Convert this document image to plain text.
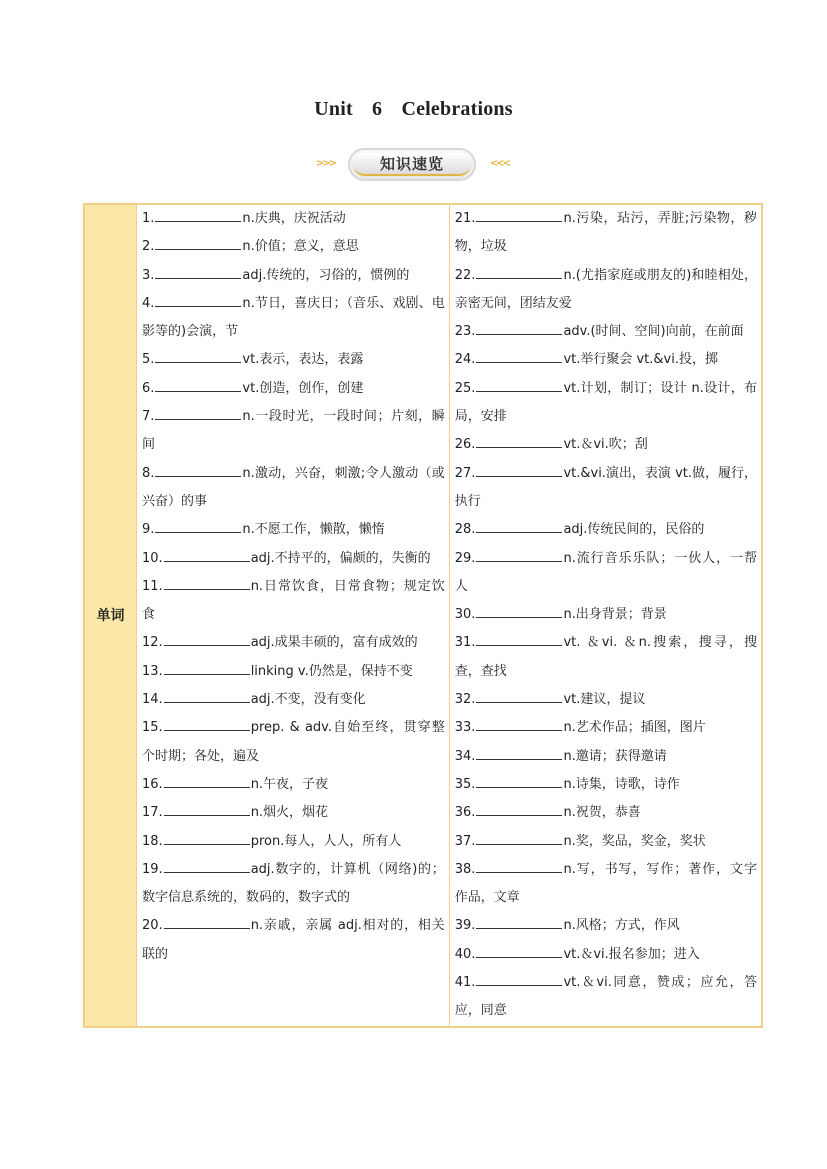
Unit 6 Celebrations
>>>	知识速览	<<<
单词	

1.	n.庆典，庆祝活动

2.	n.价值；意义，意思

3.	adj.传统的，习俗的，惯例的

4.	n.节日，喜庆日；（音乐、戏剧、电影等的)会演，节

5.	vt.表示，表达，表露

6.	vt.创造，创作，创建

7.	n.一段时光，一段时间；片刻，瞬间

8.	n.激动，兴奋，刺激;令人激动（或兴奋）的事

9.	n.不愿工作，懒散，懒惰

10.	adj.不持平的，偏颇的，失衡的

11.	n.日常饮食，日常食物；规定饮食

12.	adj.成果丰硕的，富有成效的

13.	linking v.仍然是，保持不变

14.	adj.不变，没有变化

15.	prep. & adv.自始至终，贯穿整个时期；各处，遍及

16.	n.午夜，子夜

17.	n.烟火，烟花

18.	pron.每人，人人，所有人

19.	adj.数字的，计算机（网络)的；数字信息系统的，数码的，数字式的

20.	n.亲戚，亲属 adj.相对的，相关联的

21.	n.污染，玷污，弄脏;污染物，秽物，垃圾

22.	n.(尤指家庭或朋友的)和睦相处，亲密无间，团结友爱

23.	adv.(时间、空间)向前，在前面

24.	vt.举行聚会 vt.&vi.投，掷

25.	vt.计划，制订；设计 n.设计，布局，安排

26.	vt.＆vi.吹；刮

27.	vt.&vi.演出，表演 vt.做，履行，执行

28.	adj.传统民间的，民俗的

29.	n.流行音乐乐队；一伙人，一帮人

30.	n.出身背景；背景

31.	vt. ＆vi. ＆n.搜索，搜寻，搜查，查找

32.	vt.建议，提议

33.	n.艺术作品；插图，图片

34.	n.邀请；获得邀请

35.	n.诗集，诗歌，诗作

36.	n.祝贺，恭喜

37.	n.奖，奖品，奖金，奖状

38.	n.写，书写，写作；著作，文字作品，文章

39.	n.风格；方式，作风

40.	vt.＆vi.报名参加；进入

41.	vt.＆vi.同意，赞成；应允，答应，同意
